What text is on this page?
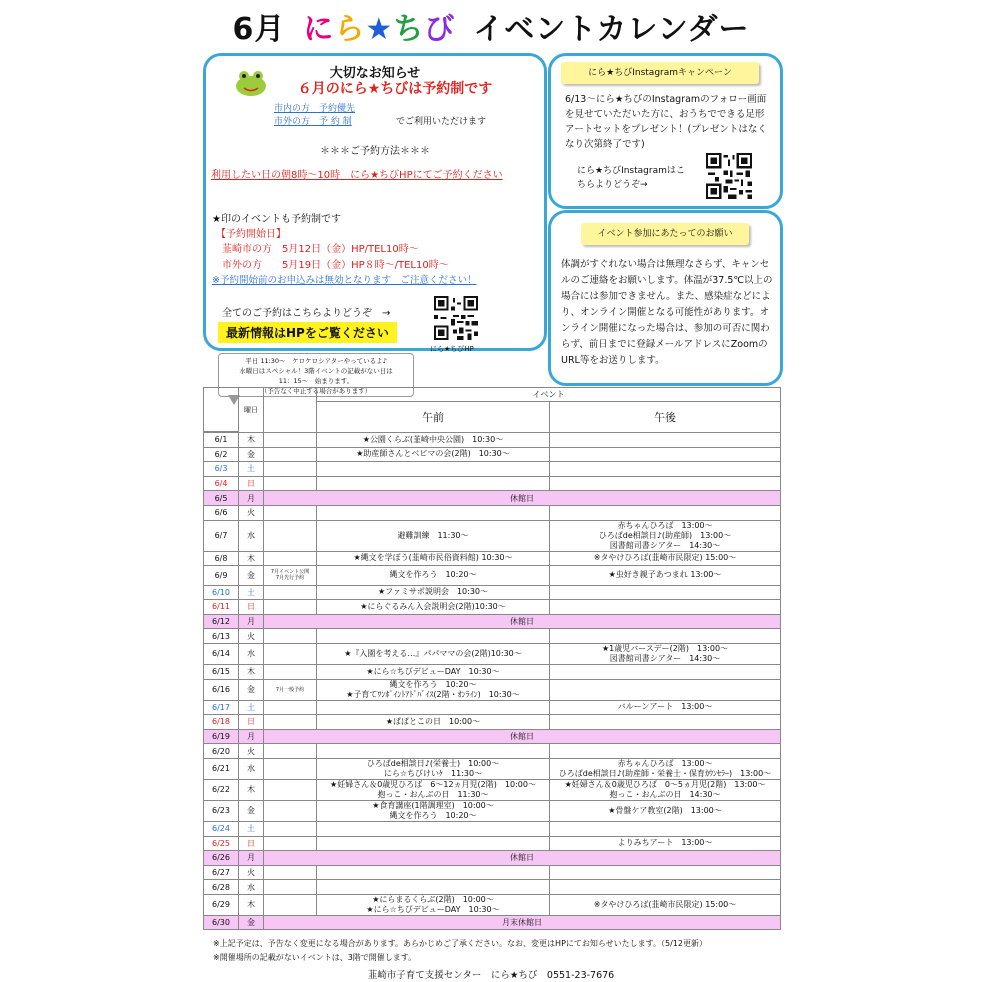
6月 にら★ちび イベントカレンダー
大切なお知らせ
６月のにら★ちびは予約制です
市内の方　予約優先
市外の方　予 約 制	でご利用いただけます
＊＊＊ご予約方法＊＊＊
利用したい日の朝8時〜10時　にら★ちびHPにてご予約ください
★印のイベントも予約制です
【予約開始日】
韮崎市の方　5月12日（金）HP/TEL10時〜
市外の方　　5月19日（金）HP８時〜/TEL10時〜
※予約開始前のお申込みは無効となります　ご注意ください！
全てのご予約はこちらよりどうぞ　→
最新情報はHPをご覧ください
にら★ちびHP
にら★ちびInstagramキャンペーン
6/13〜にら★ちびのInstagramのフォロー画面を見せていただいた方に、おうちでできる足形アートセットをプレゼント！(プレゼントはなくなり次第終了です)
にら★ちびInstagramはこちらよりどうぞ→
イベント参加にあたってのお願い
体調がすぐれない場合は無理なさらず、キャンセルのご連絡をお願いします。体温が37.5℃以上の場合には参加できません。また、感染症などにより、オンライン開催となる可能性があります。オンライン開催になった場合は、参加の可否に関わらず、前日までに登録メールアドレスにZoomのURL等をお送りします。
平日 11:30〜　ケロケロシアターやっているよ♪
水曜日はスペシャル！3階イベントの記載がない日は
11：15〜　始まります。
（予告なく中止する場合があります）
	曜日		イベント	
			午前	午後

6/1	木		★公園くらぶ(韮崎中央公園)　10:30〜	
6/2	金		★助産師さんとベビマの会(2階)　10:30〜	
6/3	土			
6/4	日			
6/5	月	休館日		
6/6	火			
6/7	水		避難訓練　11:30〜	赤ちゃんひろば　13:00〜
ひろばde相談日♪(助産師)　13:00〜
図書館司書シアター　14:30〜
6/8	木		★縄文を学ぼう(韮崎市民俗資料館) 10:30〜	※タやけひろば(韮崎市民限定) 15:00〜
6/9	金	7月イベント公開
7月先行予約	縄文を作ろう　10:20〜	★虫好き親子あつまれ 13:00〜
6/10	土		★ファミサポ説明会　10:30〜	
6/11	日		★にらぐるみん入会説明会(2階)10:30〜	
6/12	月	休館日		
6/13	火			
6/14	水		★『入園を考える…』パパママの会(2階)10:30〜	★1歳児バースデー(2階)　13:00〜
図書館司書シアター　14:30〜
6/15	木		★にら☆ちびデビューDAY　10:30〜	
6/16	金	7月一般予約	縄文を作ろう　10:20〜
★子育てﾜﾝﾎﾟｲﾝﾄｱﾄﾞﾊﾞｲｽ(2階・ｵﾝﾗｲﾝ)　10:30〜	
6/17	土			バルーンアート　13:00〜
6/18	日		★ぱぱとこの日　10:00〜	
6/19	月	休館日		
6/20	火			
6/21	水		ひろばde相談日♪(栄養士)　10:00〜
にら☆ちびけいｹ　11:30〜	赤ちゃんひろば　13:00〜
ひろばde相談日♪(助産師・栄養士・保育ｶｳﾝｾﾗｰ)　13:00〜
6/22	木		★妊婦さん＆0歳児ひろば　6〜12ヵ月児(2階)　10:00〜
抱っこ・おんぶの日　11:30〜	★妊婦さん＆0歳児ひろば　0〜5ヵ月児(2階)　13:00〜
抱っこ・おんぶの日　14:30〜
6/23	金		★食育講座(1階調理室)　10:00〜
縄文を作ろう　10:20〜	★骨盤ケア教室(2階)　13:00〜
6/24	土			
6/25	日			よりみちアート　13:00〜
6/26	月	休館日		
6/27	火			
6/28	水			
6/29	木		★にらまるくらぶ(2階)　10:00〜
★にら☆ちびデビューDAY　10:30〜	※タやけひろば(韮崎市民限定) 15:00〜
6/30	金	月末休館日		
※上記予定は、予告なく変更になる場合があります。あらかじめご了承ください。なお、変更はHPにてお知らせいたします。（5/12更新）
※開催場所の記載がないイベントは、3階で開催します。
韮崎市子育て支援センター　にら★ちび　0551-23-7676
